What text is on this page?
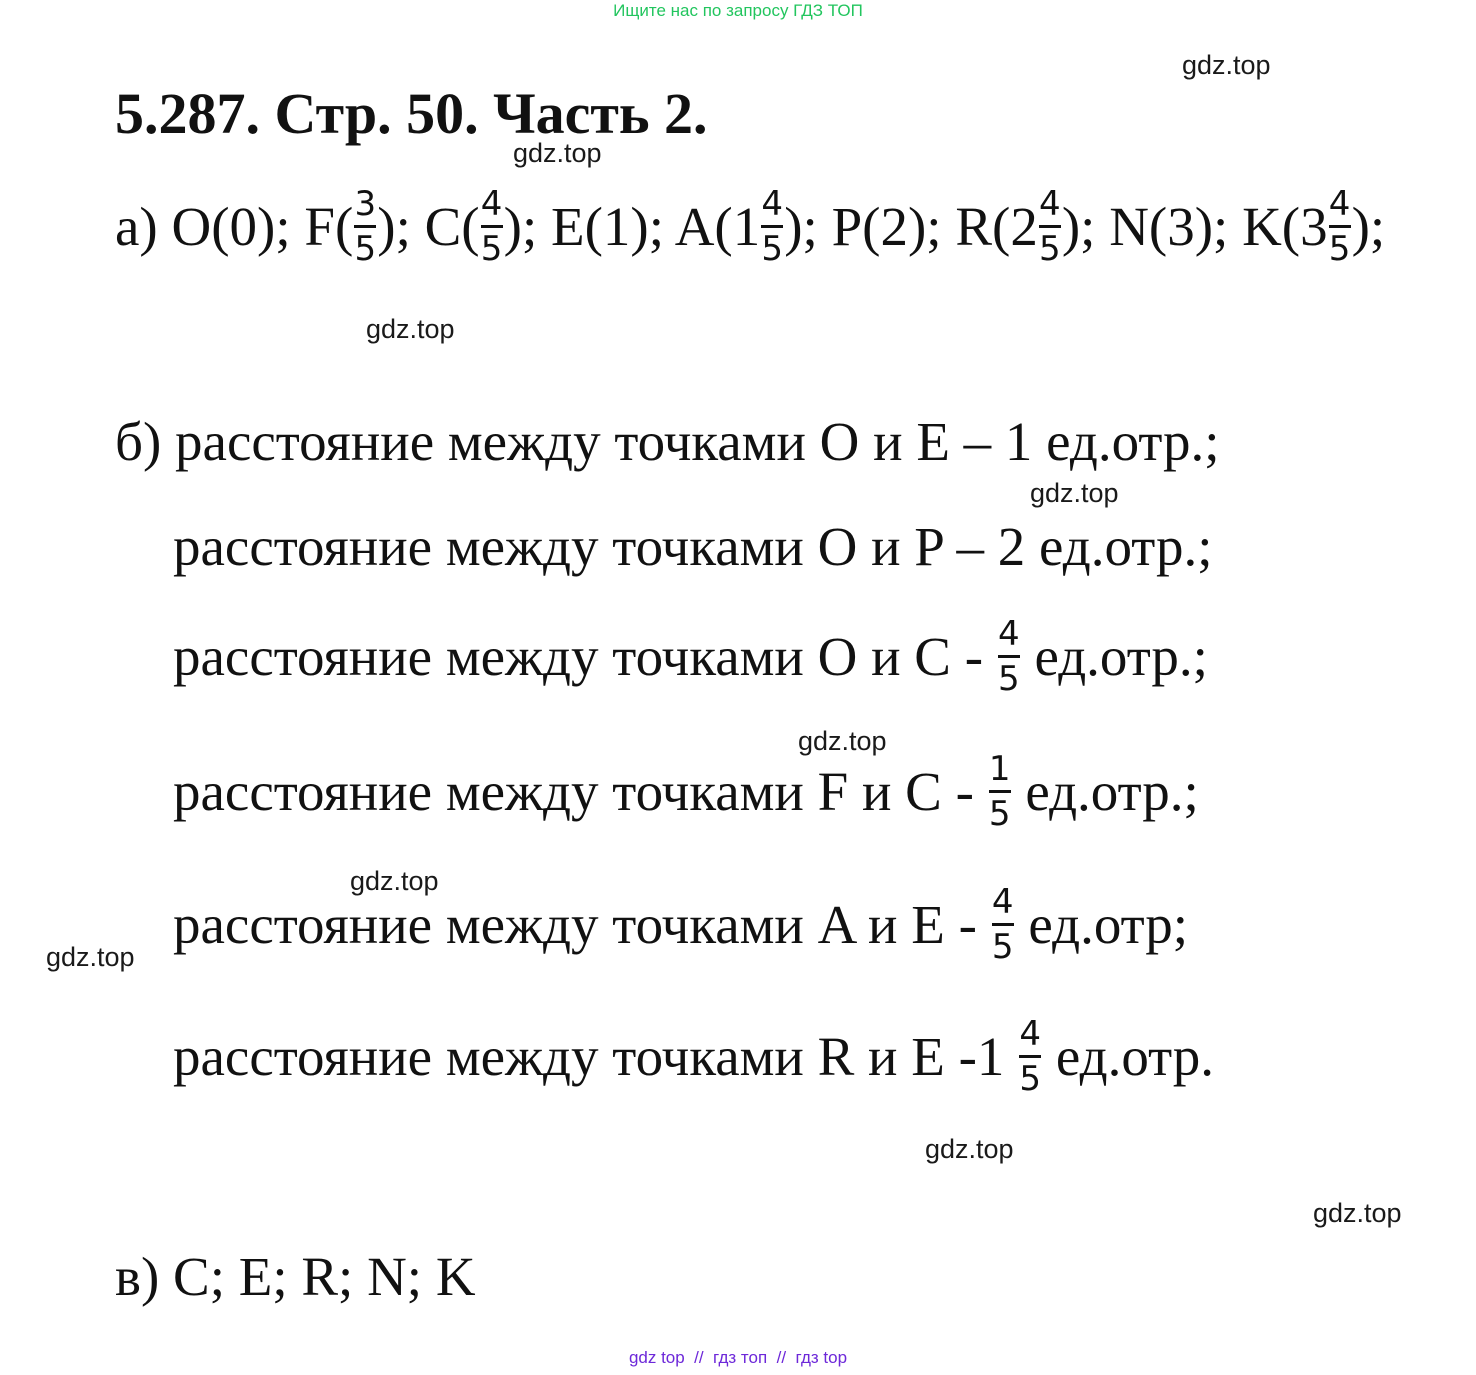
Ищите нас по запросу ГДЗ ТОП
5.287. Стр. 50. Часть 2.
gdz.top
gdz.top
gdz.top
gdz.top
gdz.top
gdz.top
gdz.top
gdz.top
gdz.top
а) O(0); $F( \frac{3}{5}$ ); $C( \frac{4}{5}$ ); E(1); $A(1 \frac{4}{5}$ ); P(2); $R(2 \frac{4}{5}$ ); N(3); $K(3 \frac{4}{5}$ );
б) расстояние между точками O и E – 1 ед.отр.;
расстояние между точками O и P – 2 ед.отр.;
расстояние между точками O и C -
$\frac{4}{5}$
ед.отр.;
расстояние между точками F и C -
$\frac{1}{5}$
ед.отр.;
расстояние между точками A и E -
$\frac{4}{5}$
ед.отр;
расстояние между точками R и E -1
$\frac{4}{5}$
ед.отр.
в) C; E; R; N; K
gdz top  //  гдз топ  //  гдз top
